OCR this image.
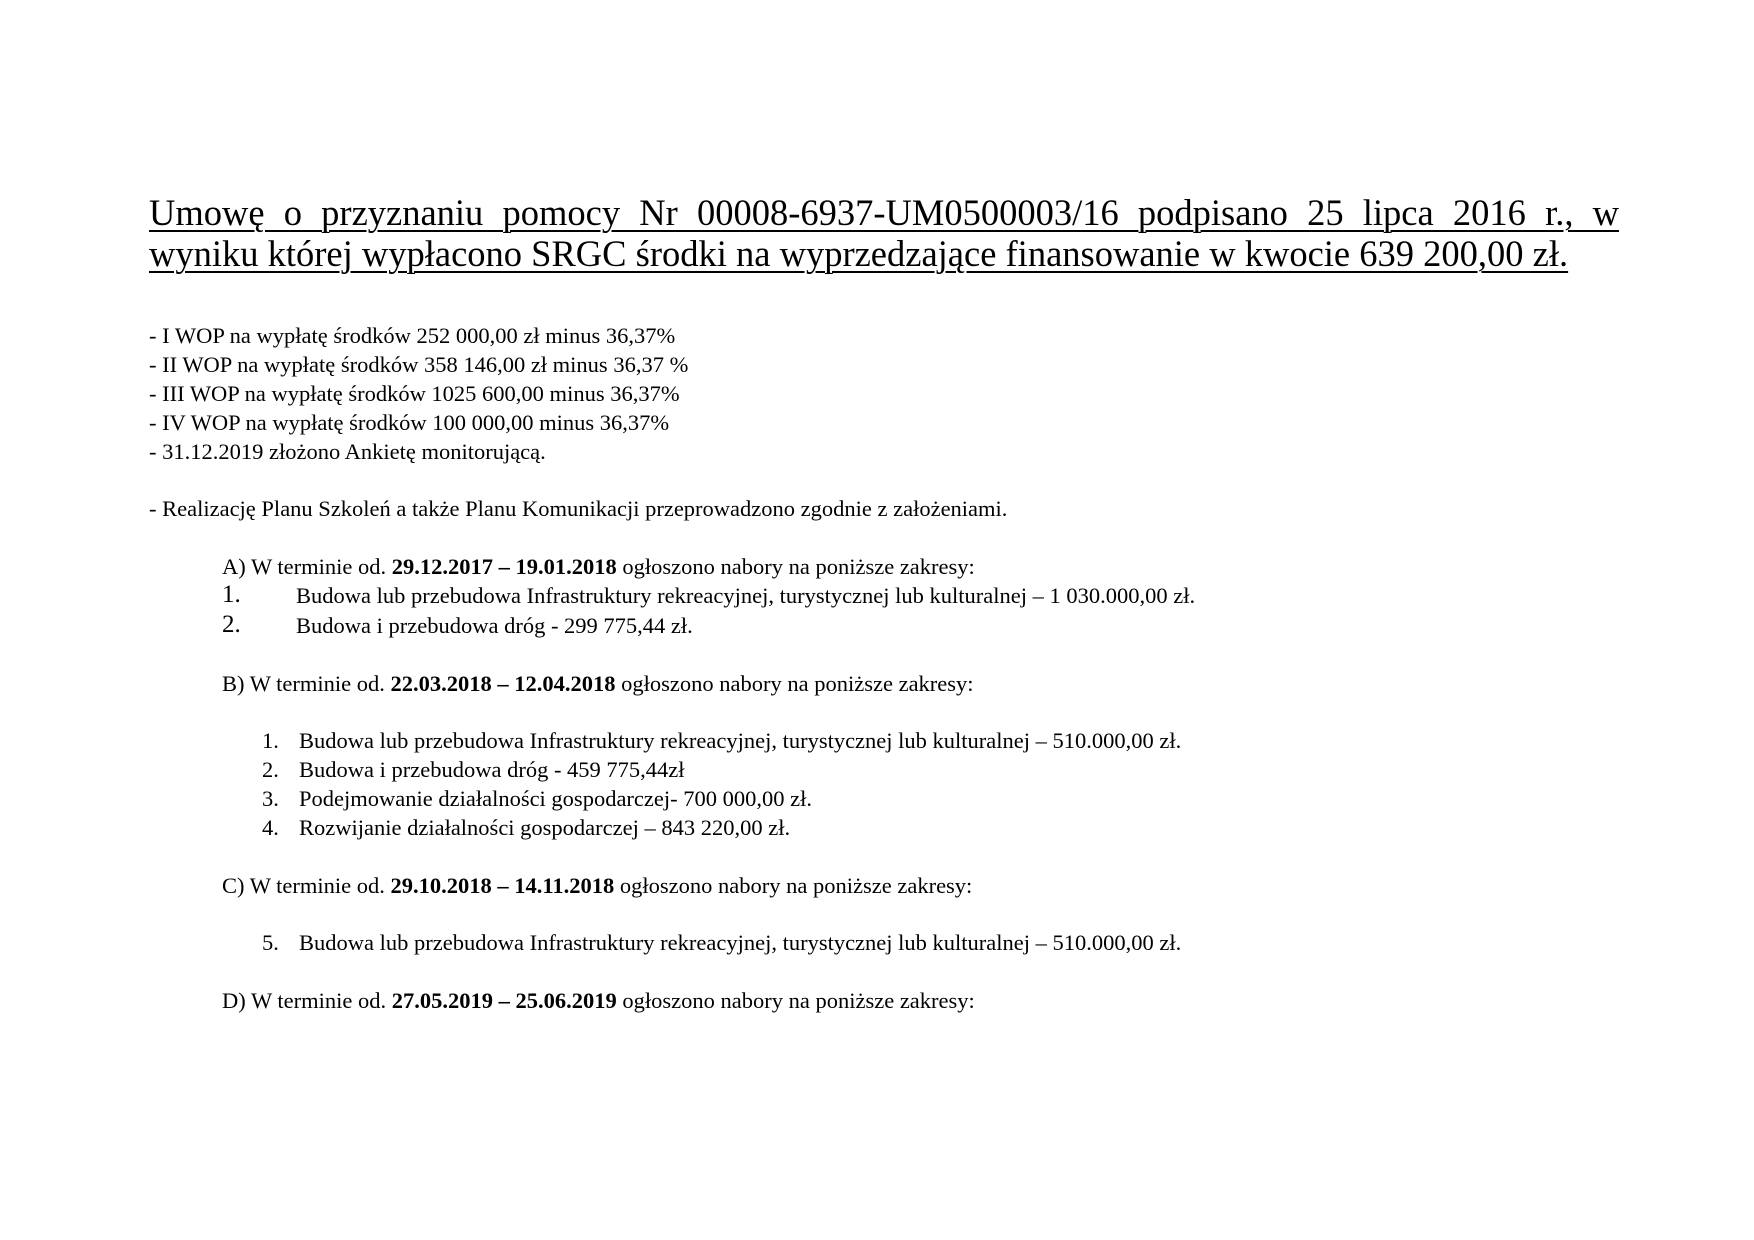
Umowę o przyznaniu pomocy Nr 00008-6937-UM0500003/16 podpisano 25 lipca 2016 r., w wyniku której wypłacono SRGC środki na wyprzedzające finansowanie w kwocie 639 200,00 zł.
- I WOP na wypłatę środków 252 000,00 zł minus 36,37%
- II WOP na wypłatę środków 358 146,00 zł minus 36,37 %
- III WOP na wypłatę środków 1025 600,00 minus 36,37%
- IV WOP na wypłatę środków 100 000,00 minus 36,37%
- 31.12.2019 złożono Ankietę monitorującą.
- Realizację Planu Szkoleń a także Planu Komunikacji przeprowadzono zgodnie z założeniami.
A) W terminie od. 29.12.2017 – 19.01.2018 ogłoszono nabory na poniższe zakresy:
1. Budowa lub przebudowa Infrastruktury rekreacyjnej, turystycznej lub kulturalnej – 1 030.000,00 zł.
2. Budowa i przebudowa dróg - 299 775,44 zł.
B) W terminie od. 22.03.2018 – 12.04.2018 ogłoszono nabory na poniższe zakresy:
1. Budowa lub przebudowa Infrastruktury rekreacyjnej, turystycznej lub kulturalnej – 510.000,00 zł.
2. Budowa i przebudowa dróg - 459 775,44zł
3. Podejmowanie działalności gospodarczej- 700 000,00 zł.
4. Rozwijanie działalności gospodarczej – 843 220,00 zł.
C) W terminie od. 29.10.2018 – 14.11.2018 ogłoszono nabory na poniższe zakresy:
5. Budowa lub przebudowa Infrastruktury rekreacyjnej, turystycznej lub kulturalnej – 510.000,00 zł.
D) W terminie od. 27.05.2019 – 25.06.2019 ogłoszono nabory na poniższe zakresy:
